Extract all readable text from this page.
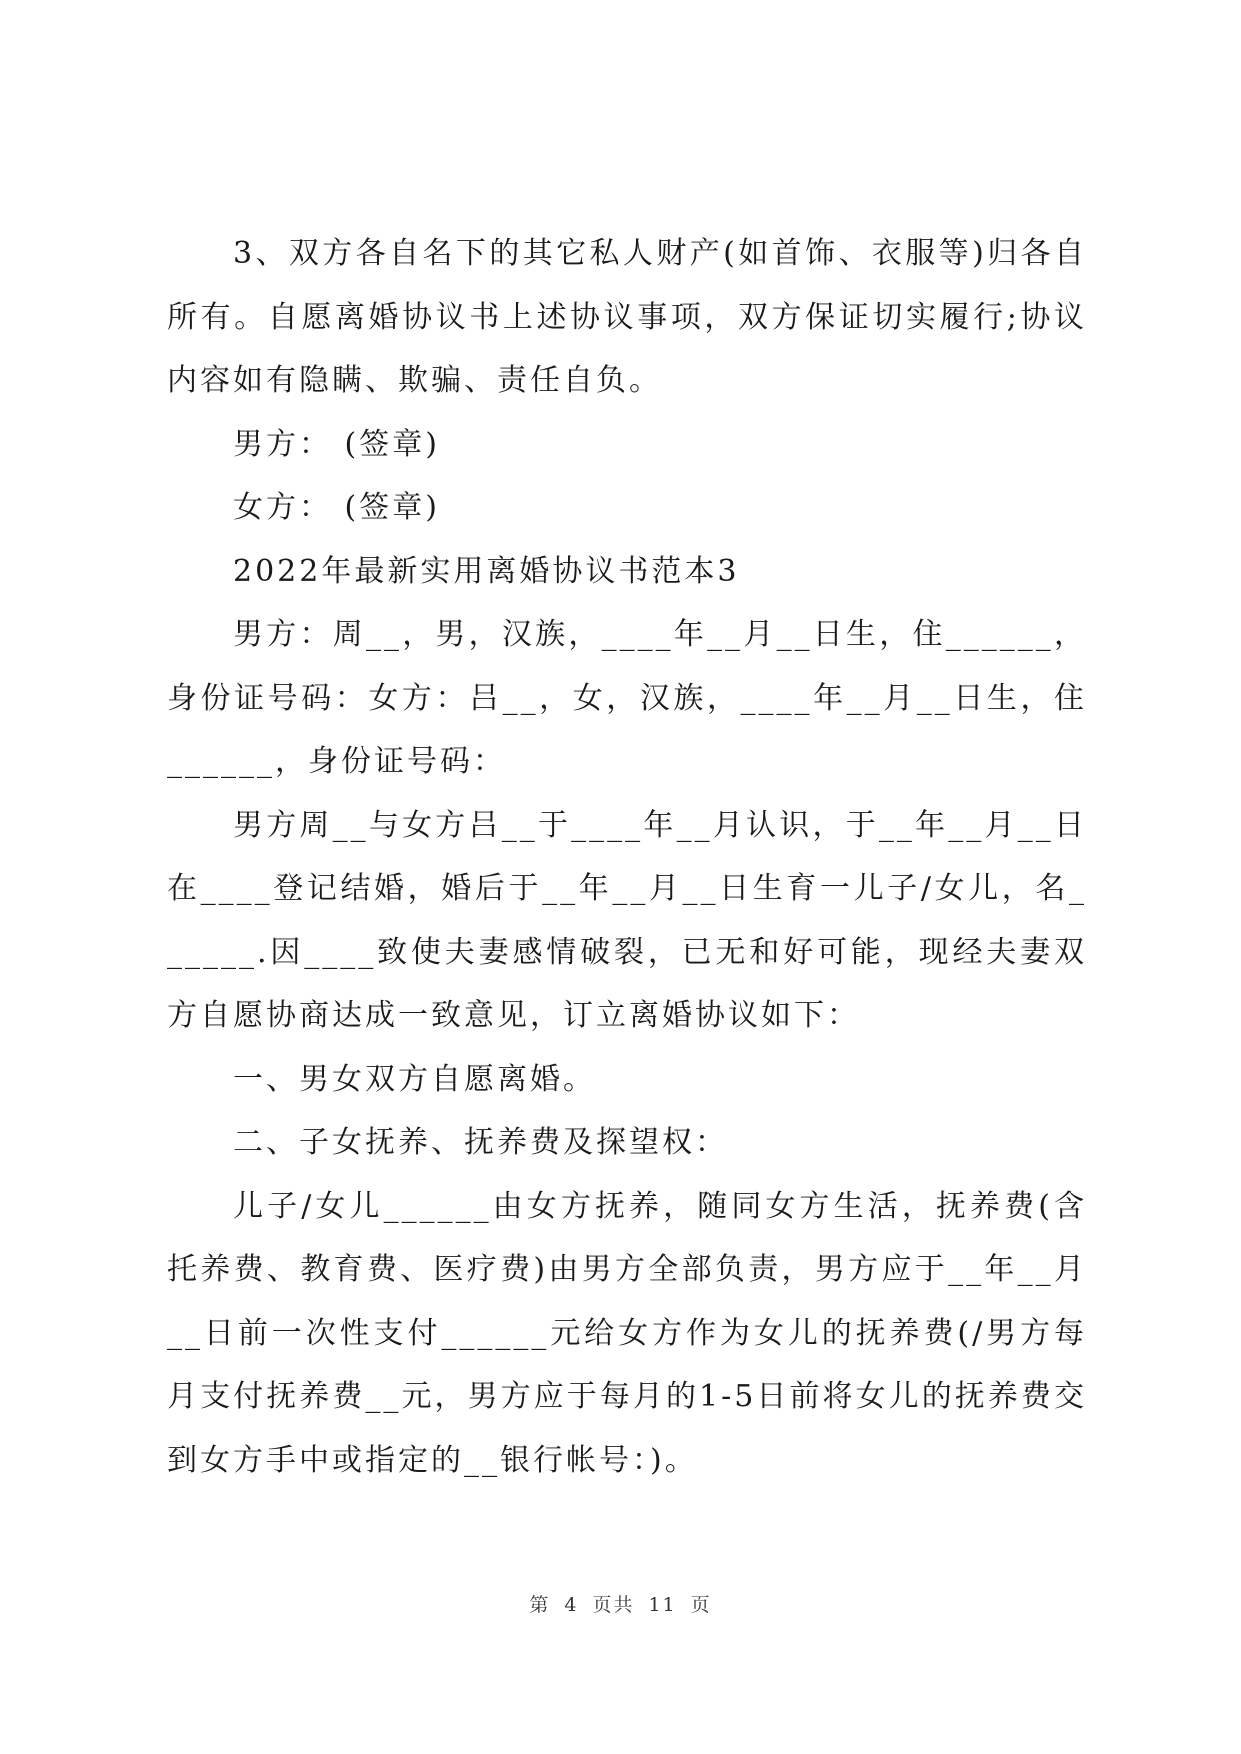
3、双方各自名下的其它私人财产(如首饰、衣服等)归各自所有。自愿离婚协议书上述协议事项，双方保证切实履行;协议内容如有隐瞒、欺骗、责任自负。

男方： (签章)

女方： (签章)

2022年最新实用离婚协议书范本3

男方：周__，男，汉族，____年__月__日生，住______，身份证号码：女方：吕__，女，汉族，____年__月__日生，住______，身份证号码：

男方周__与女方吕__于____年__月认识，于__年__月__日在____登记结婚，婚后于__年__月__日生育一儿子/女儿，名______.因____致使夫妻感情破裂，已无和好可能，现经夫妻双方自愿协商达成一致意见，订立离婚协议如下：

一、男女双方自愿离婚。

二、子女抚养、抚养费及探望权：

儿子/女儿______由女方抚养，随同女方生活，抚养费(含托养费、教育费、医疗费)由男方全部负责，男方应于__年__月__日前一次性支付______元给女方作为女儿的抚养费(/男方每月支付抚养费__元，男方应于每月的1-5日前将女儿的抚养费交到女方手中或指定的__银行帐号：)。

第 4 页共 11 页
